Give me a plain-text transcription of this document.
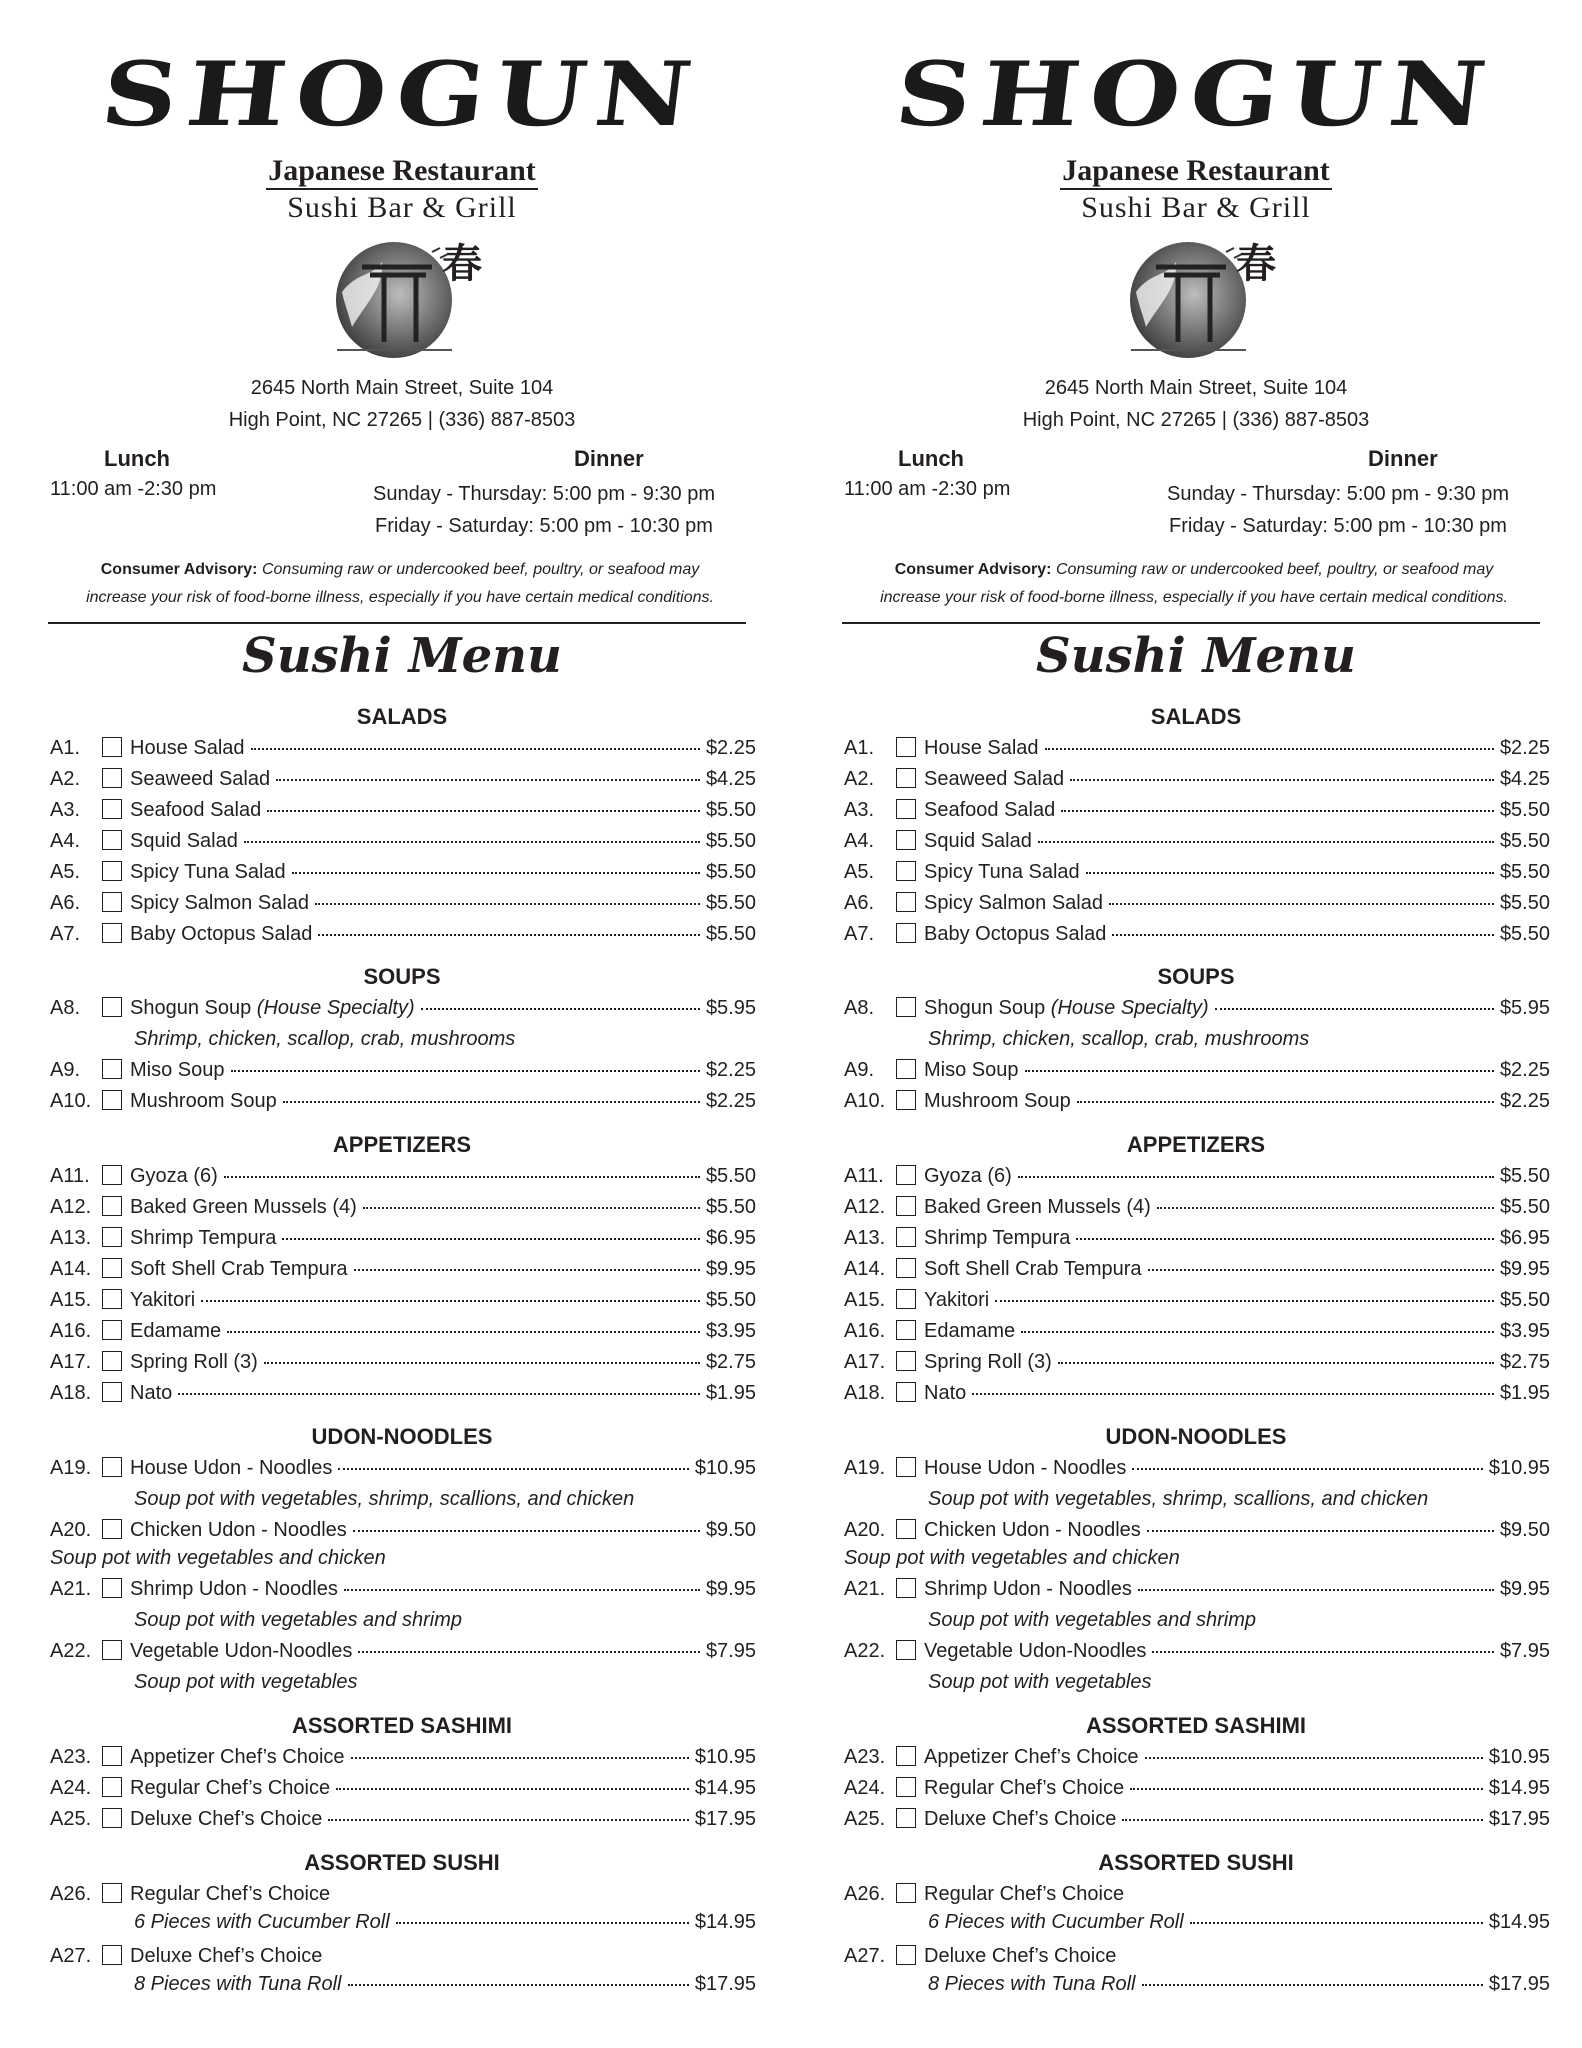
SHOGUN
Japanese Restaurant
Sushi Bar & Grill
春
2645 North Main Street, Suite 104
High Point, NC 27265 | (336) 887-8503
Lunch	Dinner
11:00 am -2:30 pm	Sunday - Thursday: 5:00 pm - 9:30 pm
Friday - Saturday: 5:00 pm - 10:30 pm
Consumer Advisory: Consuming raw or undercooked beef, poultry, or seafood may
increase your risk of food-borne illness, especially if you have certain medical conditions.
Sushi Menu
SALADS
A1.	House Salad	$2.25
A2.	Seaweed Salad	$4.25
A3.	Seafood Salad	$5.50
A4.	Squid Salad	$5.50
A5.	Spicy Tuna Salad	$5.50
A6.	Spicy Salmon Salad	$5.50
A7.	Baby Octopus Salad	$5.50
SOUPS
A8.	Shogun Soup (House Specialty)	$5.95
Shrimp, chicken, scallop, crab, mushrooms
A9.	Miso Soup	$2.25
A10. Mushroom Soup	$2.25
APPETIZERS
A11. Gyoza (6)	$5.50
A12. Baked Green Mussels (4)	$5.50
A13. Shrimp Tempura	$6.95
A14. Soft Shell Crab Tempura	$9.95
A15. Yakitori	$5.50
A16. Edamame	$3.95
A17. Spring Roll (3)	$2.75
A18. Nato	$1.95
UDON-NOODLES
A19. House Udon - Noodles	$10.95
Soup pot with vegetables, shrimp, scallions, and chicken
A20. Chicken Udon - Noodles	$9.50
Soup pot with vegetables and chicken
A21. Shrimp Udon - Noodles	$9.95
Soup pot with vegetables and shrimp
A22. Vegetable Udon-Noodles	$7.95
Soup pot with vegetables
ASSORTED SASHIMI
A23. Appetizer Chef’s Choice	$10.95
A24. Regular Chef’s Choice	$14.95
A25. Deluxe Chef’s Choice	$17.95
ASSORTED SUSHI
A26. Regular Chef’s Choice
6 Pieces with Cucumber Roll	$14.95
A27. Deluxe Chef’s Choice
8 Pieces with Tuna Roll	$17.95
SHOGUN
Japanese Restaurant
Sushi Bar & Grill
春
2645 North Main Street, Suite 104
High Point, NC 27265 | (336) 887-8503
Lunch	Dinner
11:00 am -2:30 pm	Sunday - Thursday: 5:00 pm - 9:30 pm
Friday - Saturday: 5:00 pm - 10:30 pm
Consumer Advisory: Consuming raw or undercooked beef, poultry, or seafood may
increase your risk of food-borne illness, especially if you have certain medical conditions.
Sushi Menu
SALADS
A1.	House Salad	$2.25
A2.	Seaweed Salad	$4.25
A3.	Seafood Salad	$5.50
A4.	Squid Salad	$5.50
A5.	Spicy Tuna Salad	$5.50
A6.	Spicy Salmon Salad	$5.50
A7.	Baby Octopus Salad	$5.50
SOUPS
A8.	Shogun Soup (House Specialty)	$5.95
Shrimp, chicken, scallop, crab, mushrooms
A9.	Miso Soup	$2.25
A10. Mushroom Soup	$2.25
APPETIZERS
A11. Gyoza (6)	$5.50
A12. Baked Green Mussels (4)	$5.50
A13. Shrimp Tempura	$6.95
A14. Soft Shell Crab Tempura	$9.95
A15. Yakitori	$5.50
A16. Edamame	$3.95
A17. Spring Roll (3)	$2.75
A18. Nato	$1.95
UDON-NOODLES
A19. House Udon - Noodles	$10.95
Soup pot with vegetables, shrimp, scallions, and chicken
A20. Chicken Udon - Noodles	$9.50
Soup pot with vegetables and chicken
A21. Shrimp Udon - Noodles	$9.95
Soup pot with vegetables and shrimp
A22. Vegetable Udon-Noodles	$7.95
Soup pot with vegetables
ASSORTED SASHIMI
A23. Appetizer Chef’s Choice	$10.95
A24. Regular Chef’s Choice	$14.95
A25. Deluxe Chef’s Choice	$17.95
ASSORTED SUSHI
A26. Regular Chef’s Choice
6 Pieces with Cucumber Roll	$14.95
A27. Deluxe Chef’s Choice
8 Pieces with Tuna Roll	$17.95
